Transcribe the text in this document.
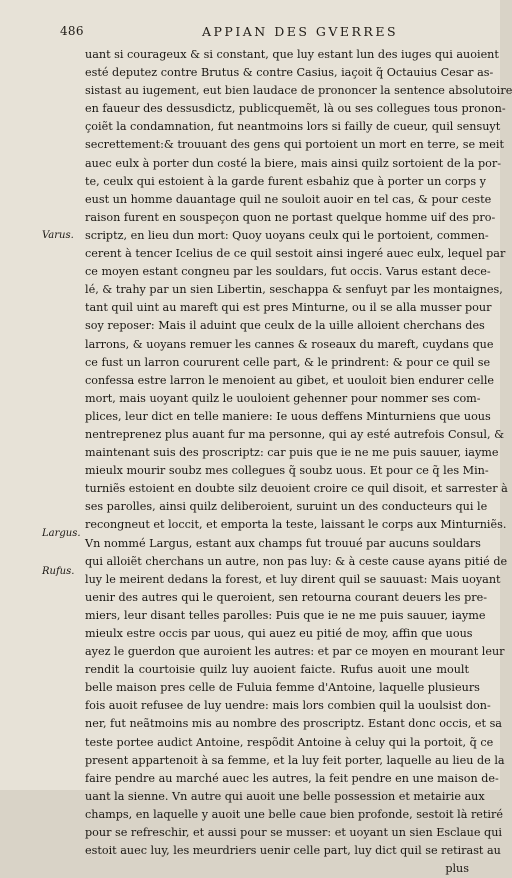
486	APPIAN DES GVERRES
Varus.
Largus.
Rufus.
uant si courageux & si constant, que luy estant lun des iuges qui auoient
esté deputez contre Brutus & contre Casius, iaçoit q̃ Octauius Cesar as-
sistast au iugement, eut bien laudace de prononcer la sentence absolutoire
en faueur des dessusdictz, publicquemẽt, là ou ses collegues tous pronon-
çoiẽt la condamnation, fut neantmoins lors si failly de cueur, quil sensuyt
secrettement:& trouuant des gens qui portoient un mort en terre, se meit
auec eulx à porter dun costé la biere, mais ainsi quilz sortoient de la por-
te, ceulx qui estoient à la garde furent esbahiz que à porter un corps y
eust un homme dauantage quil ne souloit auoir en tel cas, & pour ceste
raison furent en souspeçon quon ne portast quelque homme uif des pro-
scriptz, en lieu dun mort: Quoy uoyans ceulx qui le portoient, commen-
cerent à tencer Icelius de ce quil sestoit ainsi ingeré auec eulx, lequel par
ce moyen estant congneu par les souldars, fut occis. Varus estant dece-
lé, & trahy par un sien Libertin, seschappa & senfuyt par les montaignes,
tant quil uint au mareft qui est pres Minturne, ou il se alla musser pour
soy reposer: Mais il aduint que ceulx de la uille alloient cherchans des
larrons, & uoyans remuer les cannes & roseaux du mareft, cuydans que
ce fust un larron coururent celle part, & le prindrent: & pour ce quil se
confessa estre larron le menoient au gibet, et uouloit bien endurer celle
mort, mais uoyant quilz le uouloient gehenner pour nommer ses com-
plices, leur dict en telle maniere: Ie uous deffens Minturniens que uous
nentreprenez plus auant fur ma personne, qui ay esté autrefois Consul, &
maintenant suis des proscriptz: car puis que ie ne me puis sauuer, iayme
mieulx mourir soubz mes collegues q̃ soubz uous. Et pour ce q̃ les Min-
turniẽs estoient en doubte silz deuoient croire ce quil disoit, et sarrester à
ses parolles, ainsi quilz deliberoient, suruint un des conducteurs qui le
recongneut et loccit, et emporta la teste, laissant le corps aux Minturniẽs.
Vn nommé Largus, estant aux champs fut trouué par aucuns souldars
qui alloiẽt cherchans un autre, non pas luy: & à ceste cause ayans pitié de
luy le meirent dedans la forest, et luy dirent quil se sauuast: Mais uoyant
uenir des autres qui le queroient, sen retourna courant deuers les pre-
miers, leur disant telles parolles: Puis que ie ne me puis sauuer, iayme
mieulx estre occis par uous, qui auez eu pitié de moy, affin que uous
ayez le guerdon que auroient les autres: et par ce moyen en mourant leur
rendit la courtoisie quilz luy auoient faicte. Rufus auoit une moult
belle maison pres celle de Fuluia femme d'Antoine, laquelle plusieurs
fois auoit refusee de luy uendre: mais lors combien quil la uoulsist don-
ner, fut neãtmoins mis au nombre des proscriptz. Estant donc occis, et sa
teste portee audict Antoine, respõdit Antoine à celuy qui la portoit, q̃ ce
present appartenoit à sa femme, et la luy feit porter, laquelle au lieu de la
faire pendre au marché auec les autres, la feit pendre en une maison de-
uant la sienne. Vn autre qui auoit une belle possession et metairie aux
champs, en laquelle y auoit une belle caue bien profonde, sestoit là retiré
pour se refreschir, et aussi pour se musser: et uoyant un sien Esclaue qui
estoit auec luy, les meurdriers uenir celle part, luy dict quil se retirast au
plus
